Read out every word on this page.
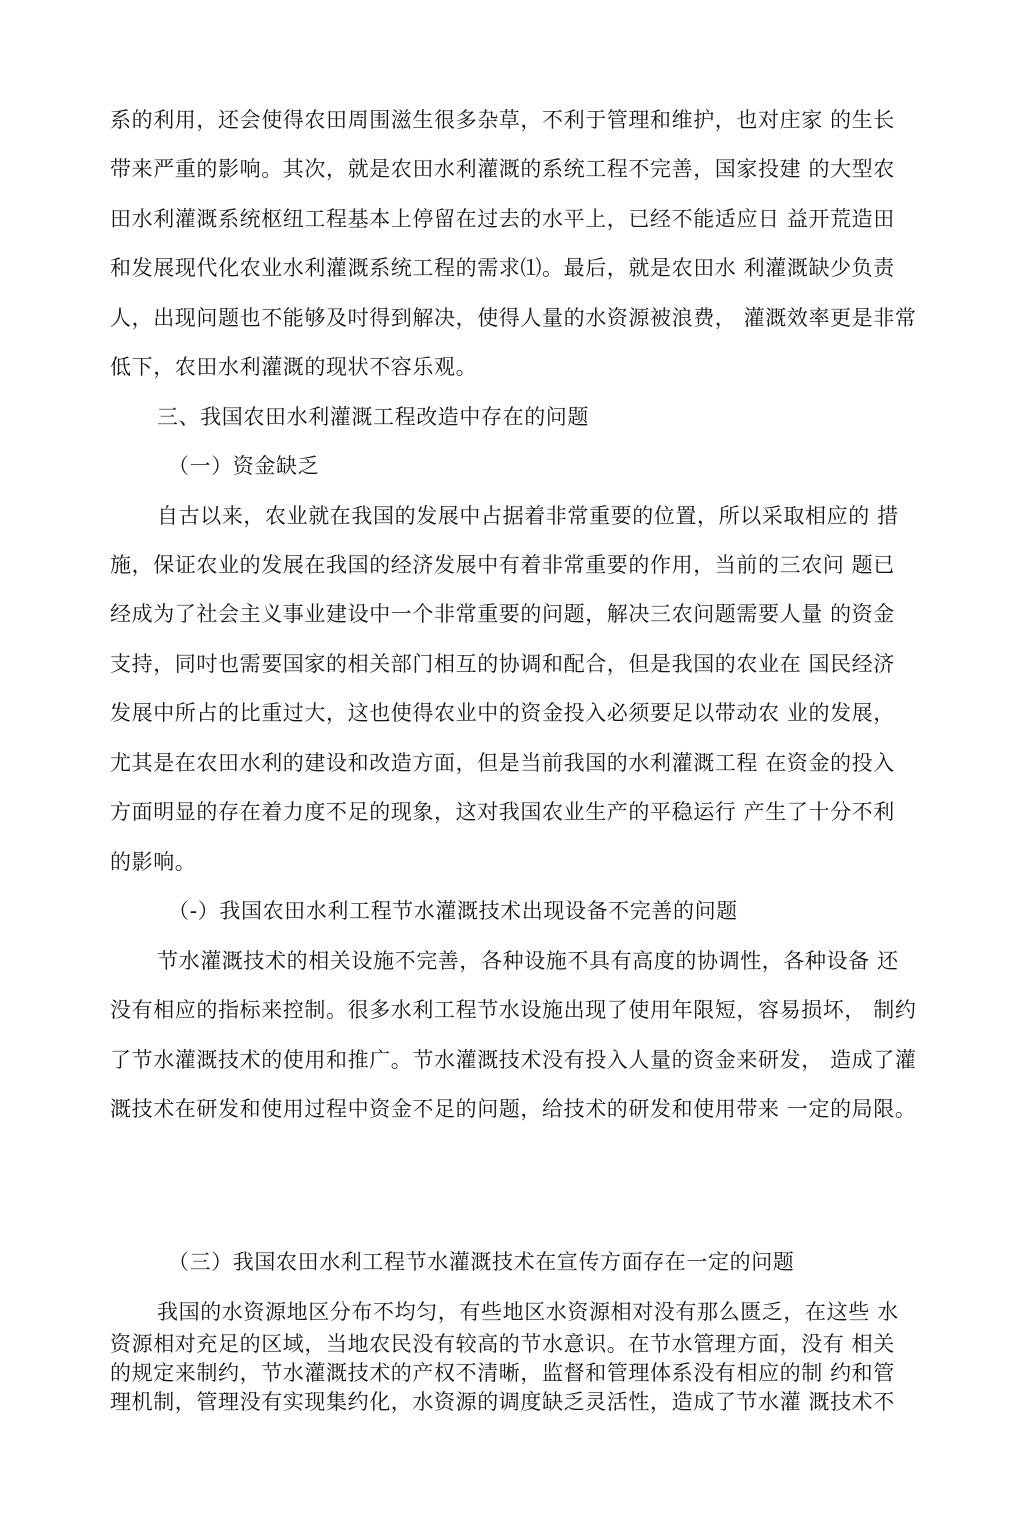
系的利用，还会使得农田周围滋生很多杂草，不利于管理和维护，也对庄家 的生长
带来严重的影响。其次，就是农田水利灌溉的系统工程不完善，国家投建 的大型农
田水利灌溉系统枢纽工程基本上停留在过去的水平上，已经不能适应日 益开荒造田
和发展现代化农业水利灌溉系统工程的需求⑴。最后，就是农田水 利灌溉缺少负责
人，出现问题也不能够及吋得到解决，使得人量的水资源被浪费， 灌溉效率更是非常
低下，农田水利灌溉的现状不容乐观。
三、我国农田水利灌溉工程改造中存在的问题
（一）资金缺乏
自古以来，农业就在我国的发展中占据着非常重要的位置，所以采取相应的 措
施，保证农业的发展在我国的经济发展中有着非常重要的作用，当前的三农问 题已
经成为了社会主义事业建设中一个非常重要的问题，解决三农问题需要人量 的资金
支持，同吋也需要国家的相关部门相互的协调和配合，但是我国的农业在 国民经济
发展中所占的比重过大，这也使得农业中的资金投入必须要足以带动农 业的发展，
尤其是在农田水利的建设和改造方面，但是当前我国的水利灌溉工程 在资金的投入
方面明显的存在着力度不足的现象，这对我国农业生产的平稳运行 产生了十分不利
的影响。
（-）我国农田水利工程节水灌溉技术出现设备不完善的问题
节水灌溉技术的相关设施不完善，各种设施不具有高度的协调性，各种设备 还
没有相应的指标来控制。很多水利工程节水设施出现了使用年限短，容易损坏， 制约
了节水灌溉技术的使用和推广。节水灌溉技术没有投入人量的资金来研发， 造成了灌
溉技术在研发和使用过程中资金不足的问题，给技术的研发和使用带来 一定的局限。
（三）我国农田水利工程节水灌溉技术在宣传方面存在一定的问题
我国的水资源地区分布不均匀，有些地区水资源相对没有那么匮乏，在这些 水
资源相对充足的区域，当地农民没有较高的节水意识。在节水管理方面，没有 相关
的规定来制约，节水灌溉技术的产权不清晰，监督和管理体系没有相应的制 约和管
理机制，管理没有实现集约化，水资源的调度缺乏灵活性，造成了节水灌 溉技术不
